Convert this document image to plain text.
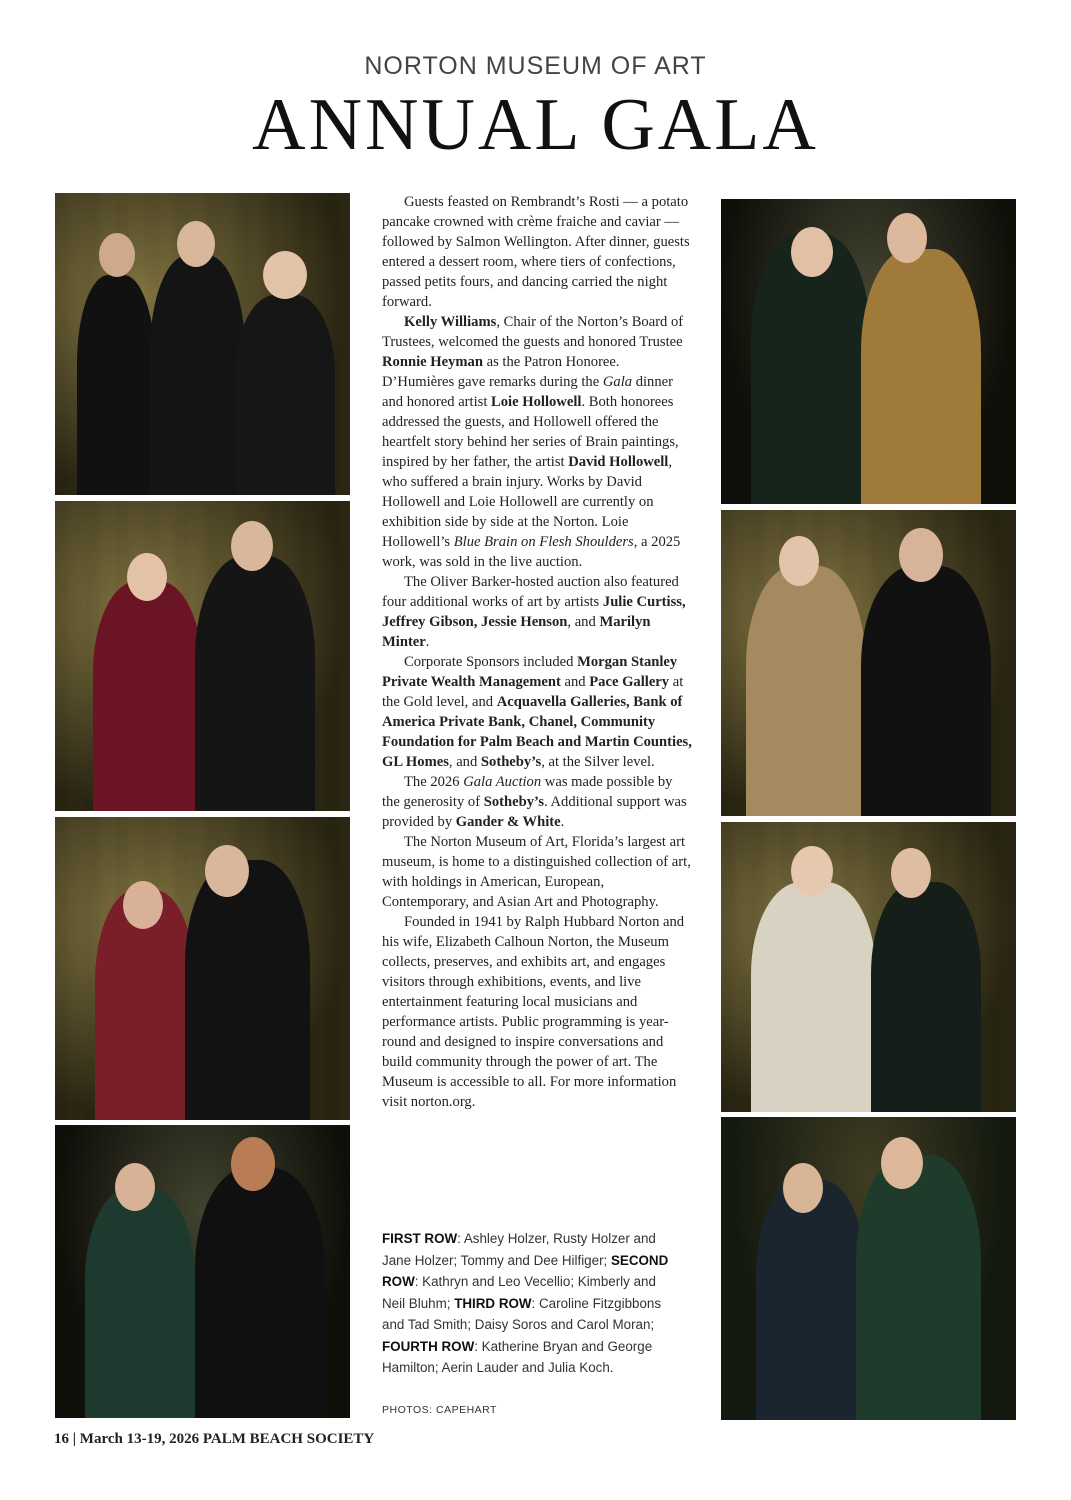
NORTON MUSEUM OF ART
ANNUAL GALA

Guests feasted on Rembrandt’s Rosti — a potato pancake crowned with crème fraiche and caviar — followed by Salmon Wellington. After dinner, guests entered a dessert room, where tiers of confections, passed petits fours, and dancing carried the night forward.

Kelly Williams, Chair of the Norton’s Board of Trustees, welcomed the guests and honored Trustee Ronnie Heyman as the Patron Honoree. D’Humières gave remarks during the Gala dinner and honored artist Loie Hollowell. Both honorees addressed the guests, and Hollowell offered the heartfelt story behind her series of Brain paintings, inspired by her father, the artist David Hollowell, who suffered a brain injury. Works by David Hollowell and Loie Hollowell are currently on exhibition side by side at the Norton. Loie Hollowell’s Blue Brain on Flesh Shoulders, a 2025 work, was sold in the live auction.

The Oliver Barker-hosted auction also featured four additional works of art by artists Julie Curtiss, Jeffrey Gibson, Jessie Henson, and Marilyn Minter.

Corporate Sponsors included Morgan Stanley Private Wealth Management and Pace Gallery at the Gold level, and Acquavella Galleries, Bank of America Private Bank, Chanel, Community Foundation for Palm Beach and Martin Counties, GL Homes, and Sotheby’s, at the Silver level.

The 2026 Gala Auction was made possible by the generosity of Sotheby’s. Additional support was provided by Gander & White.

The Norton Museum of Art, Florida’s largest art museum, is home to a distinguished collection of art, with holdings in American, European, Contemporary, and Asian Art and Photography.

Founded in 1941 by Ralph Hubbard Norton and his wife, Elizabeth Calhoun Norton, the Museum collects, preserves, and exhibits art, and engages visitors through exhibitions, events, and live entertainment featuring local musicians and performance artists. Public programming is year-round and designed to inspire conversations and build community through the power of art. The Museum is accessible to all. For more information visit norton.org.

FIRST ROW: Ashley Holzer, Rusty Holzer and Jane Holzer; Tommy and Dee Hilfiger; SECOND ROW: Kathryn and Leo Vecellio; Kimberly and Neil Bluhm; THIRD ROW: Caroline Fitzgibbons and Tad Smith; Daisy Soros and Carol Moran; FOURTH ROW: Katherine Bryan and George Hamilton; Aerin Lauder and Julia Koch.
PHOTOS: CAPEHART
16 | March 13-19, 2026 PALM BEACH SOCIETY
